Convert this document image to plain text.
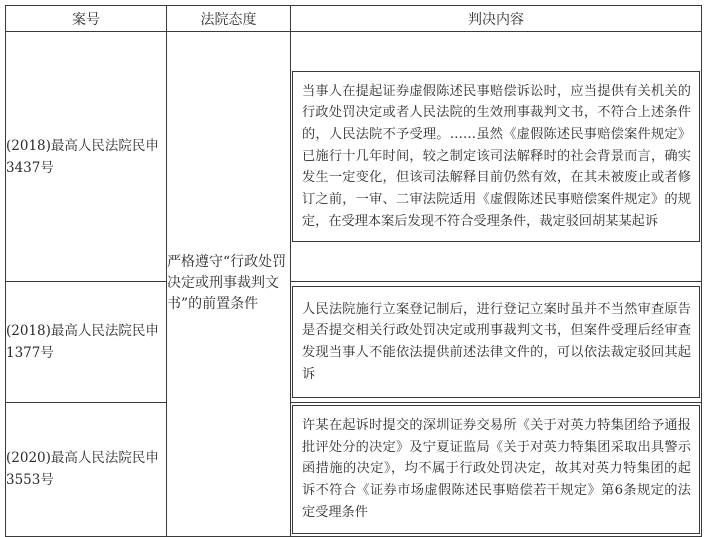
案号	法院态度	判决内容
(2018)最高人民法院民申3437号	严格遵守“行政处罚决定或刑事裁判文书”的前置条件	当事人在提起证券虚假陈述民事赔偿诉讼时，应当提供有关机关的行政处罚决定或者人民法院的生效刑事裁判文书，不符合上述条件的，人民法院不予受理。……虽然《虚假陈述民事赔偿案件规定》已施行十几年时间，较之制定该司法解释时的社会背景而言，确实发生一定变化，但该司法解释目前仍然有效，在其未被废止或者修订之前，一审、二审法院适用《虚假陈述民事赔偿案件规定》的规定，在受理本案后发现不符合受理条件，裁定驳回胡某某起诉

(2018)最高人民法院民申1377号		人民法院施行立案登记制后，进行登记立案时虽并不当然审查原告是否提交相关行政处罚决定或刑事裁判文书，但案件受理后经审查发现当事人不能依法提供前述法律文件的，可以依法裁定驳回其起诉

(2020)最高人民法院民申3553号		许某在起诉时提交的深圳证券交易所《关于对英力特集团给予通报批评处分的决定》及宁夏证监局《关于对英力特集团采取出具警示函措施的决定》，均不属于行政处罚决定，故其对英力特集团的起诉不符合《证券市场虚假陈述民事赔偿若干规定》第6条规定的法定受理条件
